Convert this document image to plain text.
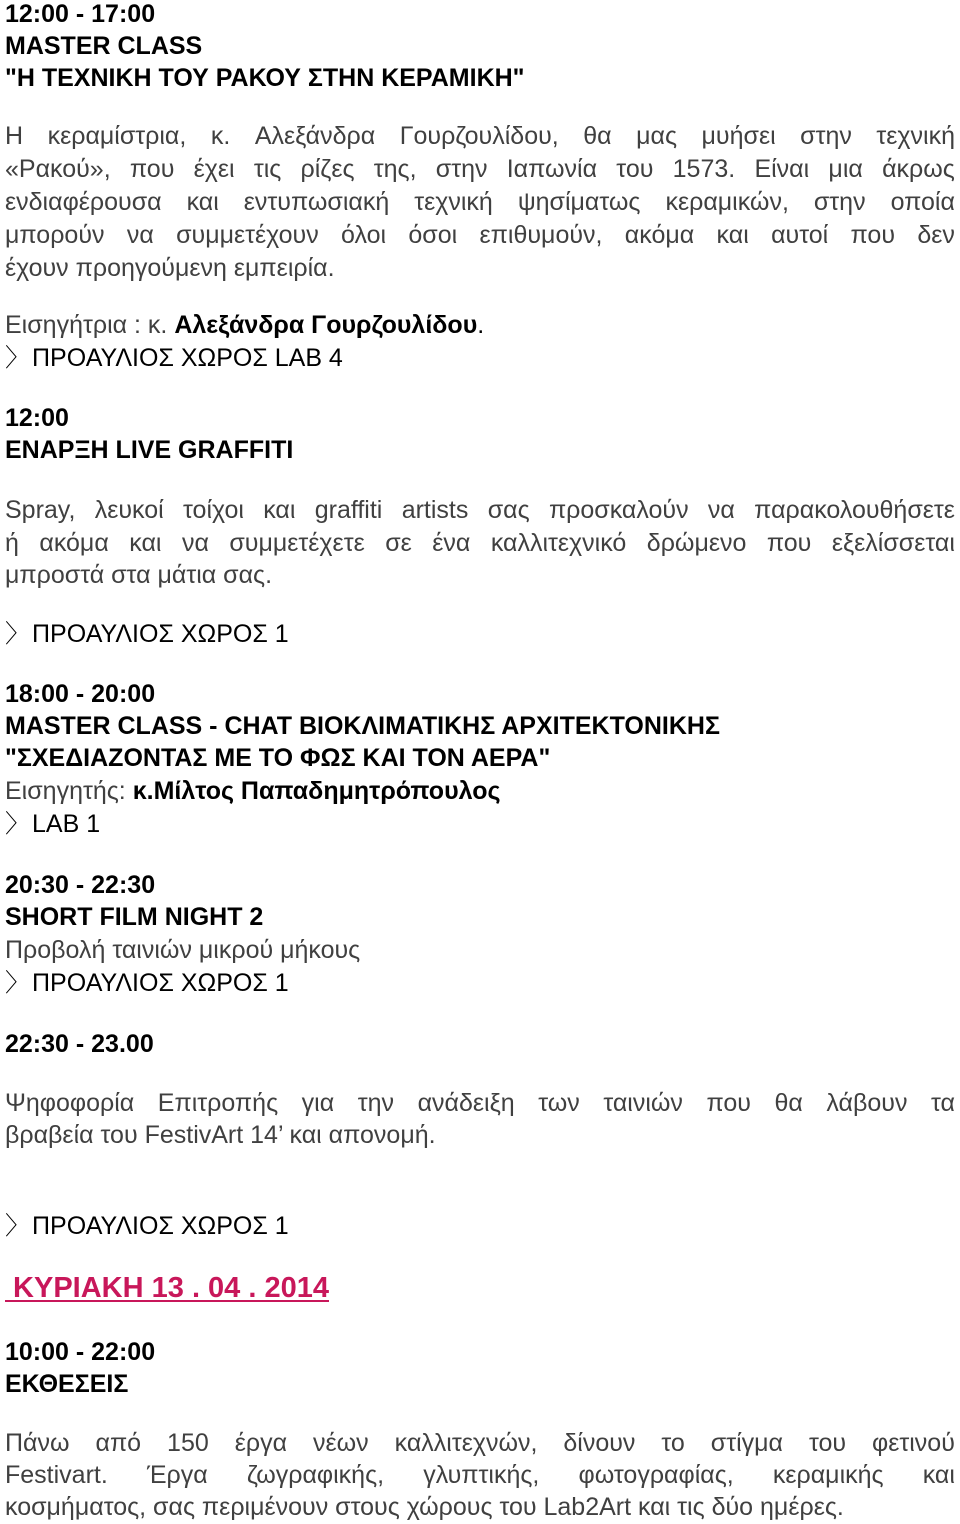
12:00 - 17:00
MASTER CLASS
"Η ΤΕΧΝΙΚΗ ΤΟΥ ΡΑΚΟΥ ΣΤΗΝ ΚΕΡΑΜΙΚΗ"
Η κεραμίστρια, κ. Αλεξάνδρα Γουρζουλίδου, θα μας μυήσει στην τεχνική
«Ρακού», που έχει τις ρίζες της, στην Ιαπωνία του 1573. Είναι μια άκρως
ενδιαφέρουσα και εντυπωσιακή τεχνική ψησίματως κεραμικών, στην οποία
μπορούν να συμμετέχουν όλοι όσοι επιθυμούν, ακόμα και αυτοί που δεν
έχουν προηγούμενη εμπειρία.
Εισηγήτρια : κ. Αλεξάνδρα Γουρζουλίδου.
〉ΠΡΟΑΥΛΙΟΣ ΧΩΡΟΣ LAB 4
12:00
ΕΝΑΡΞΗ LIVE GRAFFITI
Spray, λευκοί τοίχοι και graffiti artists σας προσκαλούν να παρακολουθήσετε
ή ακόμα και να συμμετέχετε σε ένα καλλιτεχνικό δρώμενο που εξελίσσεται
μπροστά στα μάτια σας.
〉ΠΡΟΑΥΛΙΟΣ ΧΩΡΟΣ 1
18:00 - 20:00
MASTER CLASS - CHAT ΒΙΟΚΛΙΜΑΤΙΚΗΣ ΑΡΧΙΤΕΚΤΟΝΙΚΗΣ
"ΣΧΕΔΙΑΖΟΝΤΑΣ ΜΕ ΤΟ ΦΩΣ ΚΑΙ ΤΟΝ ΑΕΡΑ"
Εισηγητής: κ.Μίλτος Παπαδημητρόπουλος
〉LAB 1
20:30 - 22:30
SHORT FILM NIGHT 2
Προβολή ταινιών μικρού μήκους
〉ΠΡΟΑΥΛΙΟΣ ΧΩΡΟΣ 1
22:30 - 23.00
Ψηφοφορία Επιτροπής για την ανάδειξη των ταινιών που θα λάβουν τα
βραβεία του FestivArt 14’ και απονομή.
〉ΠΡΟΑΥΛΙΟΣ ΧΩΡΟΣ 1
ΚΥΡΙΑΚΗ 13 . 04 . 2014
10:00 - 22:00
ΕΚΘΕΣΕΙΣ
Πάνω από 150 έργα νέων καλλιτεχνών, δίνουν το στίγμα του φετινού
Festivart. Έργα ζωγραφικής, γλυπτικής, φωτογραφίας, κεραμικής και
κοσμήματος, σας περιμένουν στους χώρους του Lab2Art και τις δύο ημέρες.
